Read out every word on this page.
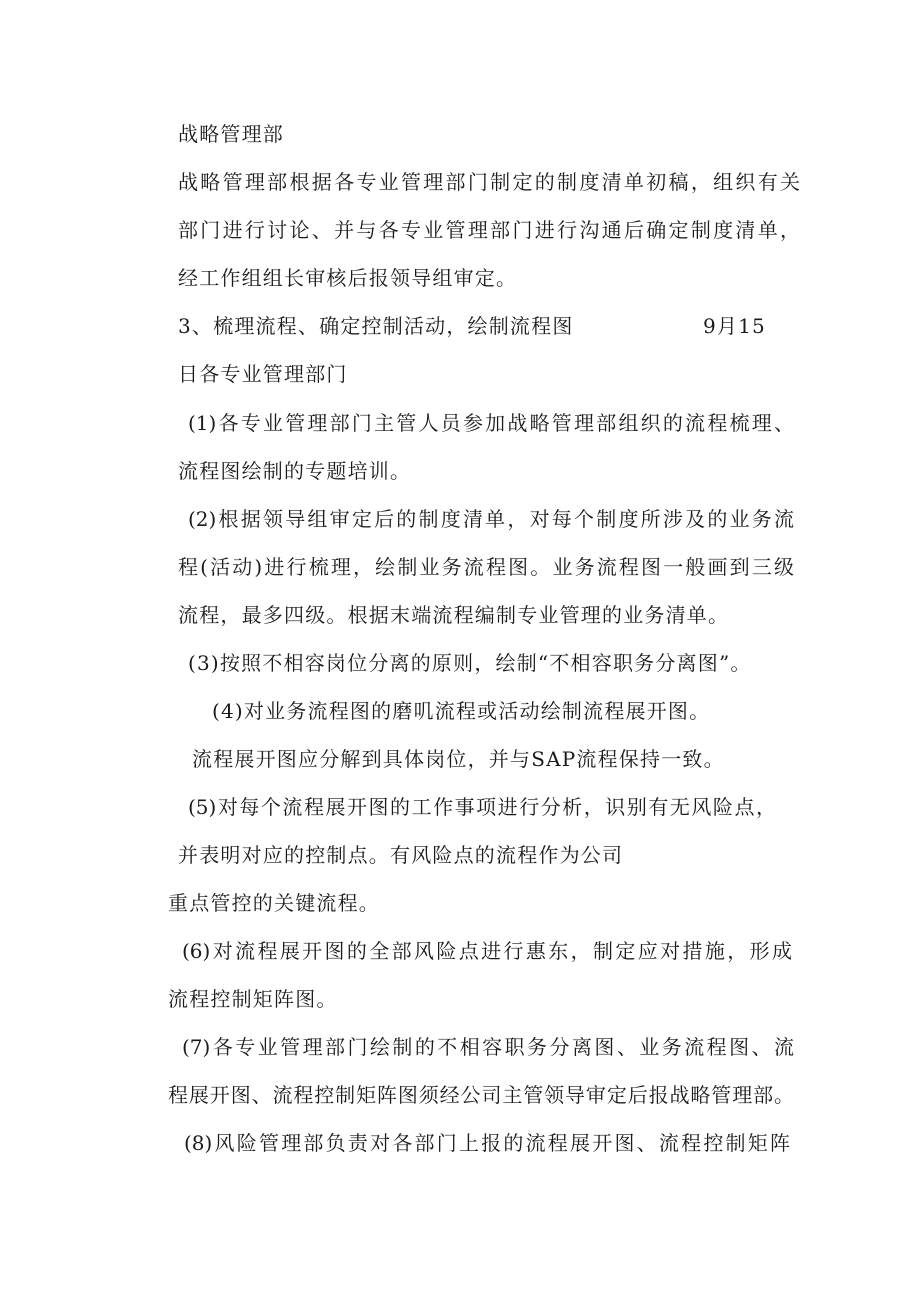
战略管理部
战略管理部根据各专业管理部门制定的制度清单初稿，组织有关
部门进行讨论、并与各专业管理部门进行沟通后确定制度清单，
经工作组组长审核后报领导组审定。
3、梳理流程、确定控制活动，绘制流程图	9月15
日各专业管理部门
(1)各专业管理部门主管人员参加战略管理部组织的流程梳理、
流程图绘制的专题培训。
(2)根据领导组审定后的制度清单，对每个制度所涉及的业务流
程(活动)进行梳理，绘制业务流程图。业务流程图一般画到三级
流程，最多四级。根据末端流程编制专业管理的业务清单。
(3)按照不相容岗位分离的原则，绘制“不相容职务分离图”。
(4)对业务流程图的磨叽流程或活动绘制流程展开图。
流程展开图应分解到具体岗位，并与SAP流程保持一致。
(5)对每个流程展开图的工作事项进行分析，识别有无风险点，
并表明对应的控制点。有风险点的流程作为公司
重点管控的关键流程。
(6)对流程展开图的全部风险点进行惠东，制定应对措施，形成
流程控制矩阵图。
(7)各专业管理部门绘制的不相容职务分离图、业务流程图、流
程展开图、流程控制矩阵图须经公司主管领导审定后报战略管理部。
(8)风险管理部负责对各部门上报的流程展开图、流程控制矩阵
